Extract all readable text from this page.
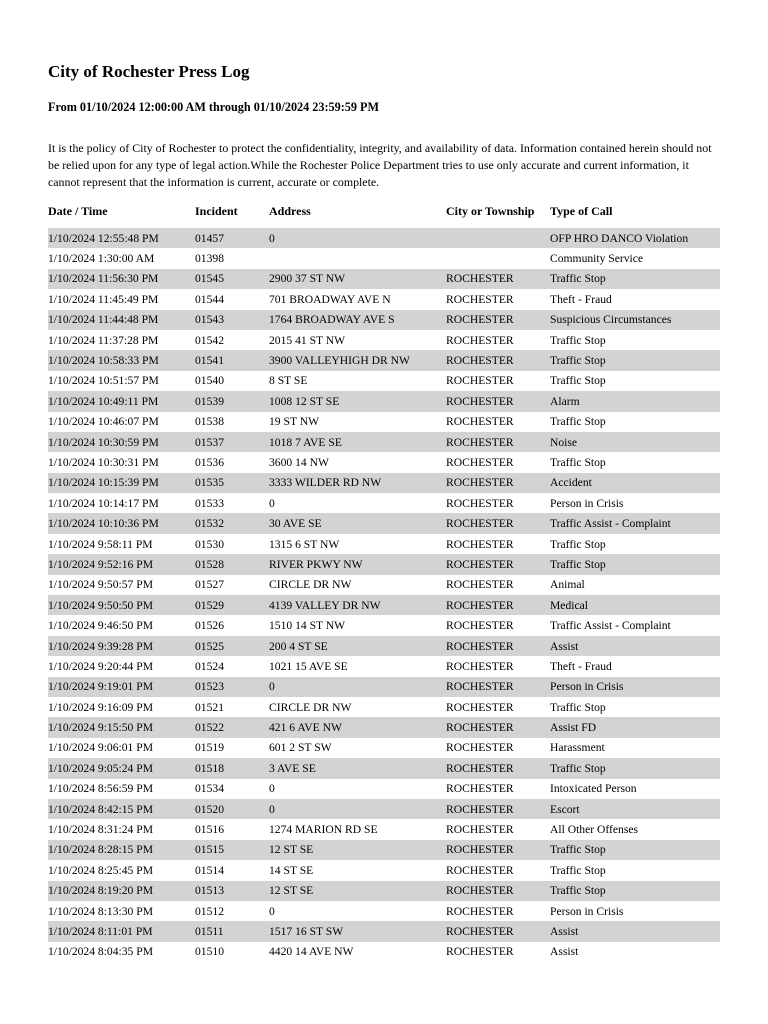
City of Rochester Press Log
From 01/10/2024 12:00:00 AM through 01/10/2024 23:59:59 PM
It is the policy of City of Rochester to protect the confidentiality, integrity, and availability of data. Information contained herein should not be relied upon for any type of legal action.While the Rochester Police Department tries to use only accurate and current information, it cannot represent that the information is current, accurate or complete.
Date / Time	Incident	Address	City or Township	Type of Call
1/10/2024 12:55:48 PM	01457	0		OFP HRO DANCO Violation
1/10/2024 1:30:00 AM	01398			Community Service
1/10/2024 11:56:30 PM	01545	2900 37 ST NW	ROCHESTER	Traffic Stop
1/10/2024 11:45:49 PM	01544	701 BROADWAY AVE N	ROCHESTER	Theft - Fraud
1/10/2024 11:44:48 PM	01543	1764 BROADWAY AVE S	ROCHESTER	Suspicious Circumstances
1/10/2024 11:37:28 PM	01542	2015 41 ST NW	ROCHESTER	Traffic Stop
1/10/2024 10:58:33 PM	01541	3900 VALLEYHIGH DR NW	ROCHESTER	Traffic Stop
1/10/2024 10:51:57 PM	01540	8 ST SE	ROCHESTER	Traffic Stop
1/10/2024 10:49:11 PM	01539	1008 12 ST SE	ROCHESTER	Alarm
1/10/2024 10:46:07 PM	01538	19 ST NW	ROCHESTER	Traffic Stop
1/10/2024 10:30:59 PM	01537	1018 7 AVE SE	ROCHESTER	Noise
1/10/2024 10:30:31 PM	01536	3600 14 NW	ROCHESTER	Traffic Stop
1/10/2024 10:15:39 PM	01535	3333 WILDER RD NW	ROCHESTER	Accident
1/10/2024 10:14:17 PM	01533	0	ROCHESTER	Person in Crisis
1/10/2024 10:10:36 PM	01532	30 AVE SE	ROCHESTER	Traffic Assist - Complaint
1/10/2024 9:58:11 PM	01530	1315 6 ST NW	ROCHESTER	Traffic Stop
1/10/2024 9:52:16 PM	01528	RIVER PKWY NW	ROCHESTER	Traffic Stop
1/10/2024 9:50:57 PM	01527	CIRCLE DR NW	ROCHESTER	Animal
1/10/2024 9:50:50 PM	01529	4139 VALLEY DR NW	ROCHESTER	Medical
1/10/2024 9:46:50 PM	01526	1510 14 ST NW	ROCHESTER	Traffic Assist - Complaint
1/10/2024 9:39:28 PM	01525	200 4 ST SE	ROCHESTER	Assist
1/10/2024 9:20:44 PM	01524	1021 15 AVE SE	ROCHESTER	Theft - Fraud
1/10/2024 9:19:01 PM	01523	0	ROCHESTER	Person in Crisis
1/10/2024 9:16:09 PM	01521	CIRCLE DR NW	ROCHESTER	Traffic Stop
1/10/2024 9:15:50 PM	01522	421 6 AVE NW	ROCHESTER	Assist FD
1/10/2024 9:06:01 PM	01519	601 2 ST SW	ROCHESTER	Harassment
1/10/2024 9:05:24 PM	01518	3 AVE SE	ROCHESTER	Traffic Stop
1/10/2024 8:56:59 PM	01534	0	ROCHESTER	Intoxicated Person
1/10/2024 8:42:15 PM	01520	0	ROCHESTER	Escort
1/10/2024 8:31:24 PM	01516	1274 MARION RD SE	ROCHESTER	All Other Offenses
1/10/2024 8:28:15 PM	01515	12 ST SE	ROCHESTER	Traffic Stop
1/10/2024 8:25:45 PM	01514	14 ST SE	ROCHESTER	Traffic Stop
1/10/2024 8:19:20 PM	01513	12 ST SE	ROCHESTER	Traffic Stop
1/10/2024 8:13:30 PM	01512	0	ROCHESTER	Person in Crisis
1/10/2024 8:11:01 PM	01511	1517 16 ST SW	ROCHESTER	Assist
1/10/2024 8:04:35 PM	01510	4420 14 AVE NW	ROCHESTER	Assist
